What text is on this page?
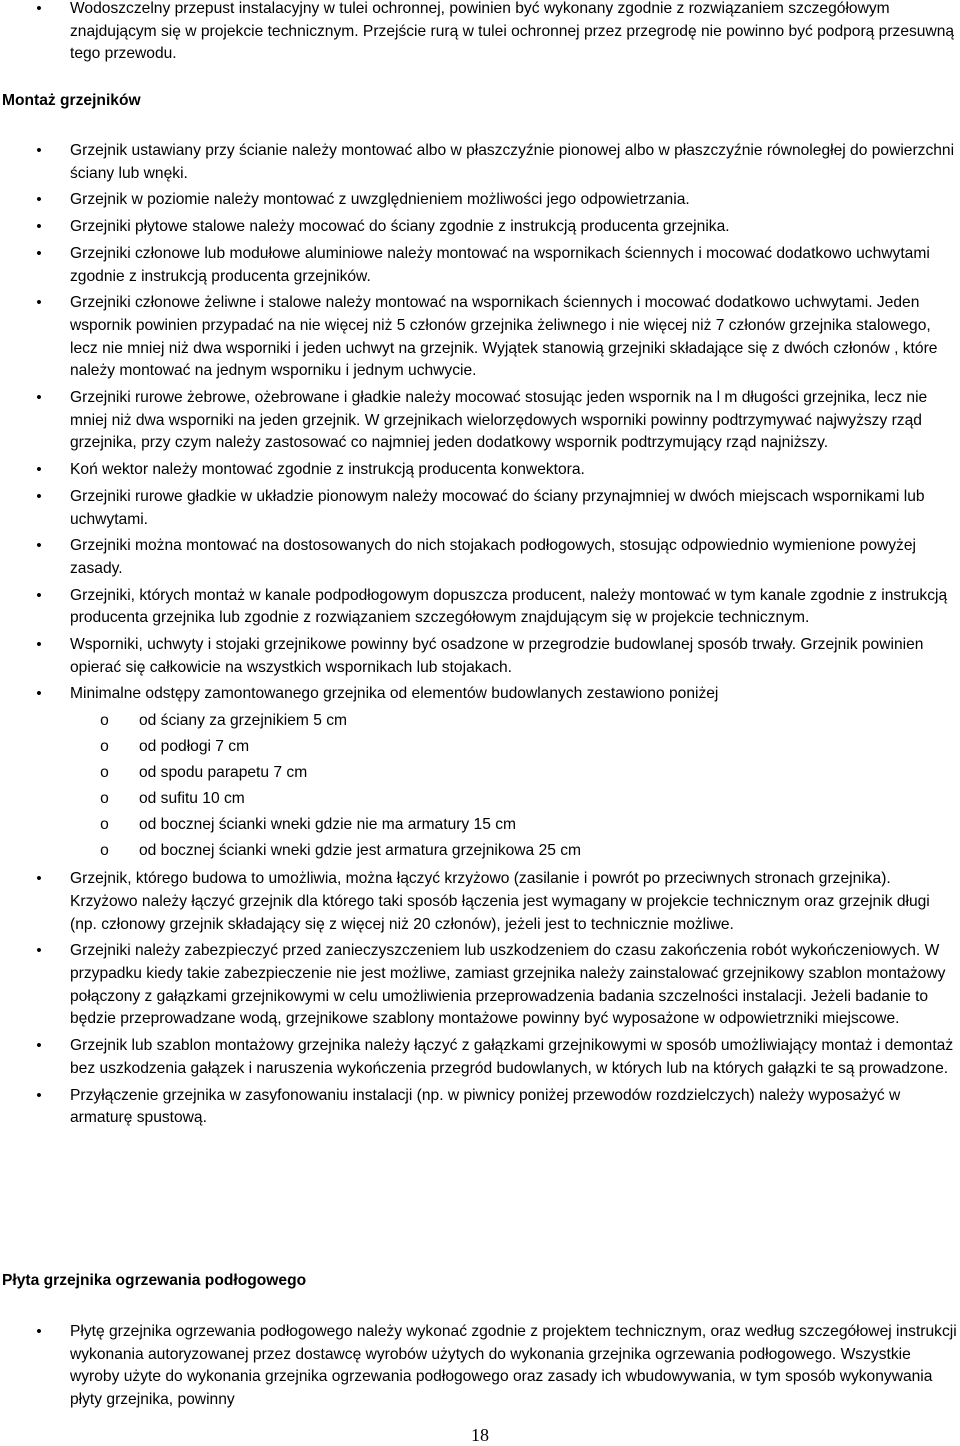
• Wodoszczelny przepust instalacyjny w tulei ochronnej, powinien być wykonany zgodnie z rozwiązaniem szczegółowym znajdującym się w projekcie technicznym. Przejście rurą w tulei ochronnej przez przegrodę nie powinno być podporą przesuwną tego przewodu.
Montaż grzejników
• Grzejnik ustawiany przy ścianie należy montować albo w płaszczyźnie pionowej albo w płaszczyźnie równoległej do powierzchni ściany lub wnęki.
• Grzejnik w poziomie należy montować z uwzględnieniem możliwości jego odpowietrzania.
• Grzejniki płytowe stalowe należy mocować do ściany zgodnie z instrukcją producenta grzejnika.
• Grzejniki członowe lub modułowe aluminiowe należy montować na wspornikach ściennych i mocować dodatkowo uchwytami zgodnie z instrukcją producenta grzejników.
• Grzejniki członowe żeliwne i stalowe należy montować na wspornikach ściennych i mocować dodatkowo uchwytami. Jeden wspornik powinien przypadać na nie więcej niż 5 członów grzejnika żeliwnego i nie więcej niż 7 członów grzejnika stalowego, lecz nie mniej niż dwa wsporniki i jeden uchwyt na grzejnik. Wyjątek stanowią grzejniki składające się z dwóch członów , które należy montować na jednym wsporniku i jednym uchwycie.
• Grzejniki rurowe żebrowe, ożebrowane i gładkie należy mocować stosując jeden wspornik na l m długości grzejnika, lecz nie mniej niż dwa wsporniki na jeden grzejnik. W grzejnikach wielorzędowych wsporniki powinny podtrzymywać najwyższy rząd grzejnika, przy czym należy zastosować co najmniej jeden dodatkowy wspornik podtrzymujący rząd najniższy.
• Koń wektor należy montować zgodnie z instrukcją producenta konwektora.
• Grzejniki rurowe gładkie w układzie pionowym należy mocować do ściany przynajmniej w dwóch miejscach wspornikami lub uchwytami.
• Grzejniki można montować na dostosowanych do nich stojakach podłogowych, stosując odpowiednio wymienione powyżej zasady.
• Grzejniki, których montaż w kanale podpodłogowym dopuszcza producent, należy montować w tym kanale zgodnie z instrukcją producenta grzejnika lub zgodnie z rozwiązaniem szczegółowym znajdującym się w projekcie technicznym.
• Wsporniki, uchwyty i stojaki grzejnikowe powinny być osadzone w przegrodzie budowlanej sposób trwały. Grzejnik powinien opierać się całkowicie na wszystkich wspornikach lub stojakach.
• Minimalne odstępy zamontowanego grzejnika od elementów budowlanych zestawiono poniżej
o	od ściany za grzejnikiem 5 cm
o	od podłogi 7 cm
o	od spodu parapetu 7 cm
o	od sufitu 10 cm
o	od bocznej ścianki wneki gdzie nie ma armatury 15 cm
o	od bocznej ścianki wneki gdzie jest armatura grzejnikowa 25 cm
• Grzejnik, którego budowa to umożliwia, można łączyć krzyżowo (zasilanie i powrót po przeciwnych stronach grzejnika). Krzyżowo należy łączyć grzejnik dla którego taki sposób łączenia jest wymagany w projekcie technicznym oraz grzejnik długi (np. członowy grzejnik składający się z więcej niż 20 członów), jeżeli jest to technicznie możliwe.
• Grzejniki należy zabezpieczyć przed zanieczyszczeniem lub uszkodzeniem do czasu zakończenia robót wykończeniowych. W przypadku kiedy takie zabezpieczenie nie jest możliwe, zamiast grzejnika należy zainstalować grzejnikowy szablon montażowy połączony z gałązkami grzejnikowymi w celu umożliwienia przeprowadzenia badania szczelności instalacji. Jeżeli badanie to będzie przeprowadzane wodą, grzejnikowe szablony montażowe powinny być wyposażone w odpowietrzniki miejscowe.
• Grzejnik lub szablon montażowy grzejnika należy łączyć z gałązkami grzejnikowymi w sposób umożliwiający montaż i demontaż bez uszkodzenia gałązek i naruszenia wykończenia przegród budowlanych, w których lub na których gałązki te są prowadzone.
• Przyłączenie grzejnika w zasyfonowaniu instalacji (np. w piwnicy poniżej przewodów rozdzielczych) należy wyposażyć w armaturę spustową.
Płyta grzejnika ogrzewania podłogowego
• Płytę grzejnika ogrzewania podłogowego należy wykonać zgodnie z projektem technicznym, oraz według szczegółowej instrukcji wykonania autoryzowanej przez dostawcę wyrobów użytych do wykonania grzejnika ogrzewania podłogowego. Wszystkie wyroby użyte do wykonania grzejnika ogrzewania podłogowego oraz zasady ich wbudowywania, w tym sposób wykonywania płyty grzejnika, powinny
18
